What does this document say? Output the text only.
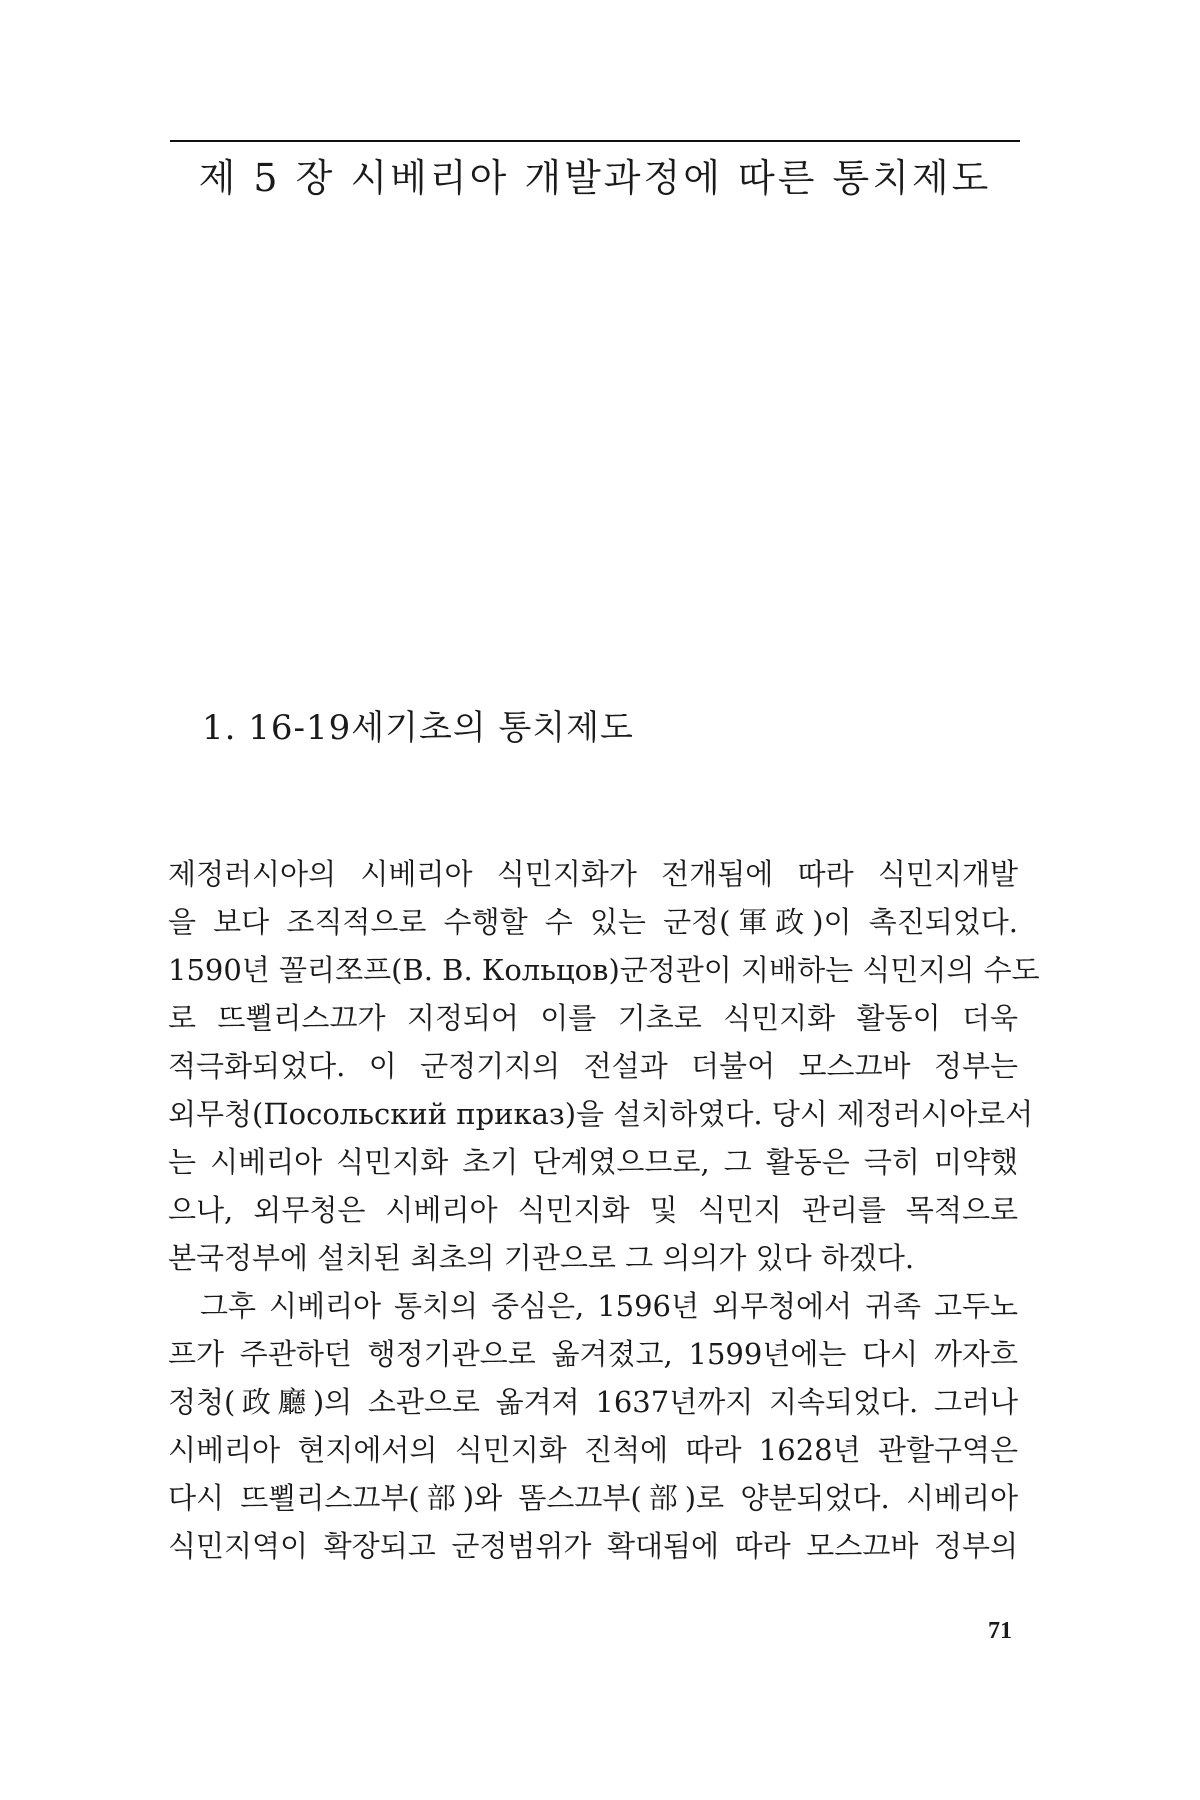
제 5 장 시베리아 개발과정에 따른 통치제도
1. 16-19세기초의 통치제도
제정러시아의 시베리아 식민지화가 전개됨에 따라 식민지개발
을 보다 조직적으로 수행할 수 있는 군정(軍政)이 촉진되었다.
1590년 꼴리쪼프(B. B. Кольцов)군정관이 지배하는 식민지의 수도
로 뜨뾜리스끄가 지정되어 이를 기초로 식민지화 활동이 더욱
적극화되었다. 이 군정기지의 전설과 더불어 모스끄바 정부는
외무청(Посольский приказ)을 설치하였다. 당시 제정러시아로서
는 시베리아 식민지화 초기 단계였으므로, 그 활동은 극히 미약했
으나, 외무청은 시베리아 식민지화 및 식민지 관리를 목적으로
본국정부에 설치된 최초의 기관으로 그 의의가 있다 하겠다.
그후 시베리아 통치의 중심은, 1596년 외무청에서 귀족 고두노
프가 주관하던 행정기관으로 옮겨졌고, 1599년에는 다시 까자흐
정청(政廳)의 소관으로 옮겨져 1637년까지 지속되었다. 그러나
시베리아 현지에서의 식민지화 진척에 따라 1628년 관할구역은
다시 뜨뾜리스끄부(部)와 똠스끄부(部)로 양분되었다. 시베리아
식민지역이 확장되고 군정범위가 확대됨에 따라 모스끄바 정부의
71
